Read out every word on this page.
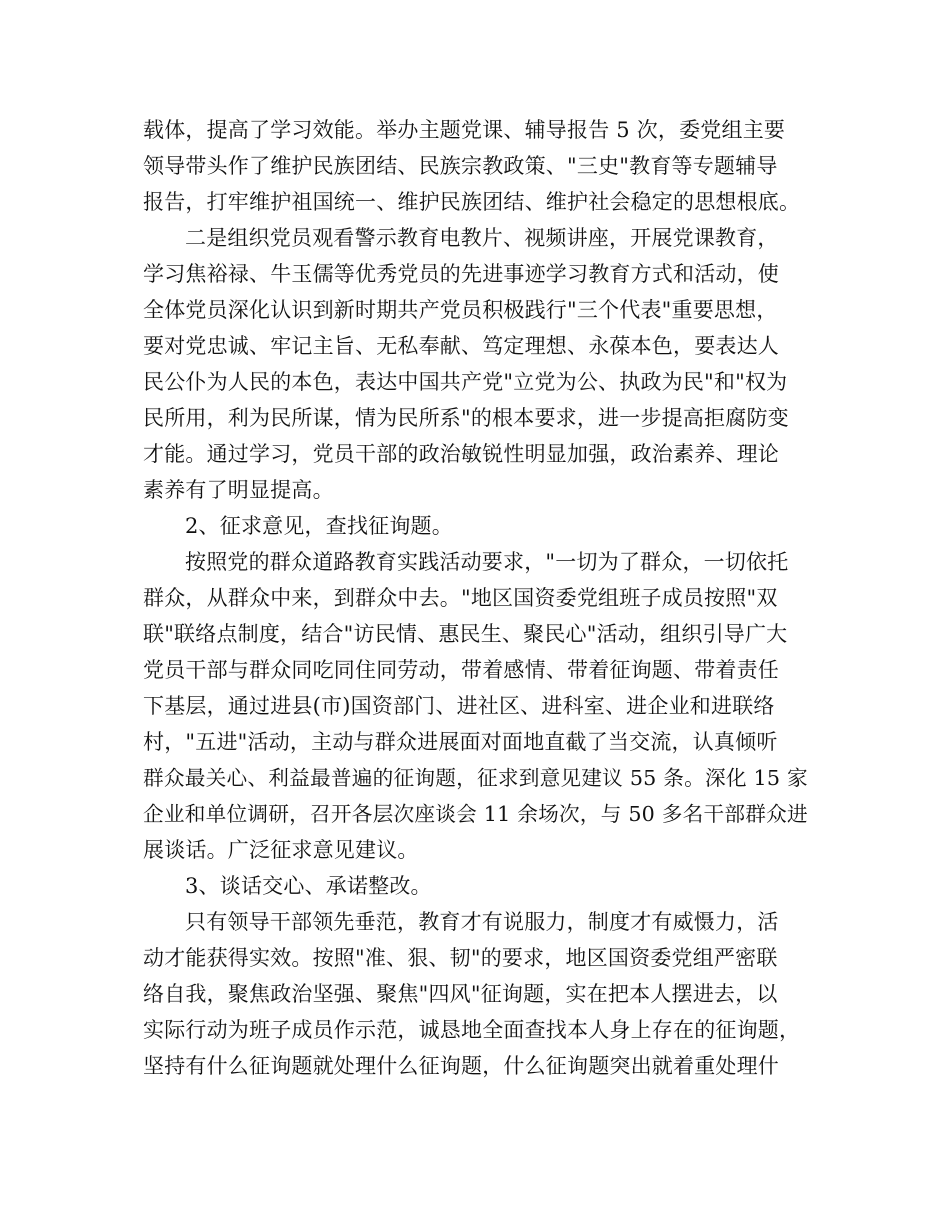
载体，提高了学习效能。举办主题党课、辅导报告 5 次，委党组主要
领导带头作了维护民族团结、民族宗教政策、"三史"教育等专题辅导
报告，打牢维护祖国统一、维护民族团结、维护社会稳定的思想根底。
二是组织党员观看警示教育电教片、视频讲座，开展党课教育，
学习焦裕禄、牛玉儒等优秀党员的先进事迹学习教育方式和活动，使
全体党员深化认识到新时期共产党员积极践行"三个代表"重要思想，
要对党忠诚、牢记主旨、无私奉献、笃定理想、永葆本色，要表达人
民公仆为人民的本色，表达中国共产党"立党为公、执政为民"和"权为
民所用，利为民所谋，情为民所系"的根本要求，进一步提高拒腐防变
才能。通过学习，党员干部的政治敏锐性明显加强，政治素养、理论
素养有了明显提高。
2、征求意见，查找征询题。
按照党的群众道路教育实践活动要求，"一切为了群众，一切依托
群众，从群众中来，到群众中去。"地区国资委党组班子成员按照"双
联"联络点制度，结合"访民情、惠民生、聚民心"活动，组织引导广大
党员干部与群众同吃同住同劳动，带着感情、带着征询题、带着责任
下基层，通过进县(市)国资部门、进社区、进科室、进企业和进联络
村，"五进"活动，主动与群众进展面对面地直截了当交流，认真倾听
群众最关心、利益最普遍的征询题，征求到意见建议 55 条。深化 15 家
企业和单位调研，召开各层次座谈会 11 余场次，与 50 多名干部群众进
展谈话。广泛征求意见建议。
3、谈话交心、承诺整改。
只有领导干部领先垂范，教育才有说服力，制度才有威慑力，活
动才能获得实效。按照"准、狠、韧"的要求，地区国资委党组严密联
络自我，聚焦政治坚强、聚焦"四风"征询题，实在把本人摆进去，以
实际行动为班子成员作示范，诚恳地全面查找本人身上存在的征询题，
坚持有什么征询题就处理什么征询题，什么征询题突出就着重处理什
